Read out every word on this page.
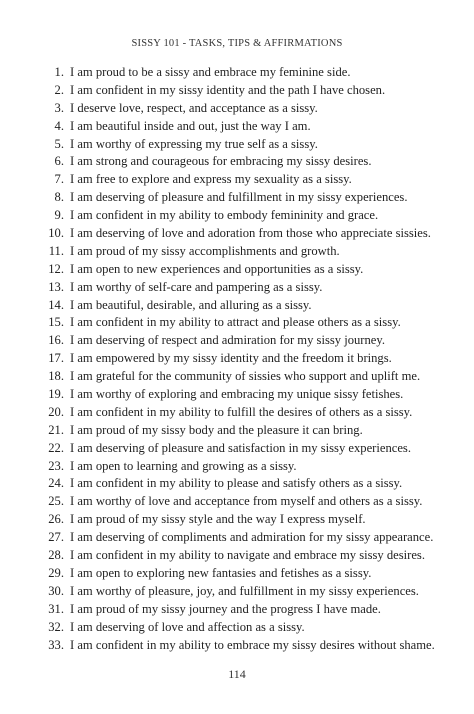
SISSY 101 - TASKS, TIPS & AFFIRMATIONS
1. I am proud to be a sissy and embrace my feminine side.
2. I am confident in my sissy identity and the path I have chosen.
3. I deserve love, respect, and acceptance as a sissy.
4. I am beautiful inside and out, just the way I am.
5. I am worthy of expressing my true self as a sissy.
6. I am strong and courageous for embracing my sissy desires.
7. I am free to explore and express my sexuality as a sissy.
8. I am deserving of pleasure and fulfillment in my sissy experiences.
9. I am confident in my ability to embody femininity and grace.
10. I am deserving of love and adoration from those who appreciate sissies.
11. I am proud of my sissy accomplishments and growth.
12. I am open to new experiences and opportunities as a sissy.
13. I am worthy of self-care and pampering as a sissy.
14. I am beautiful, desirable, and alluring as a sissy.
15. I am confident in my ability to attract and please others as a sissy.
16. I am deserving of respect and admiration for my sissy journey.
17. I am empowered by my sissy identity and the freedom it brings.
18. I am grateful for the community of sissies who support and uplift me.
19. I am worthy of exploring and embracing my unique sissy fetishes.
20. I am confident in my ability to fulfill the desires of others as a sissy.
21. I am proud of my sissy body and the pleasure it can bring.
22. I am deserving of pleasure and satisfaction in my sissy experiences.
23. I am open to learning and growing as a sissy.
24. I am confident in my ability to please and satisfy others as a sissy.
25. I am worthy of love and acceptance from myself and others as a sissy.
26. I am proud of my sissy style and the way I express myself.
27. I am deserving of compliments and admiration for my sissy appearance.
28. I am confident in my ability to navigate and embrace my sissy desires.
29. I am open to exploring new fantasies and fetishes as a sissy.
30. I am worthy of pleasure, joy, and fulfillment in my sissy experiences.
31. I am proud of my sissy journey and the progress I have made.
32. I am deserving of love and affection as a sissy.
33. I am confident in my ability to embrace my sissy desires without shame.
114
